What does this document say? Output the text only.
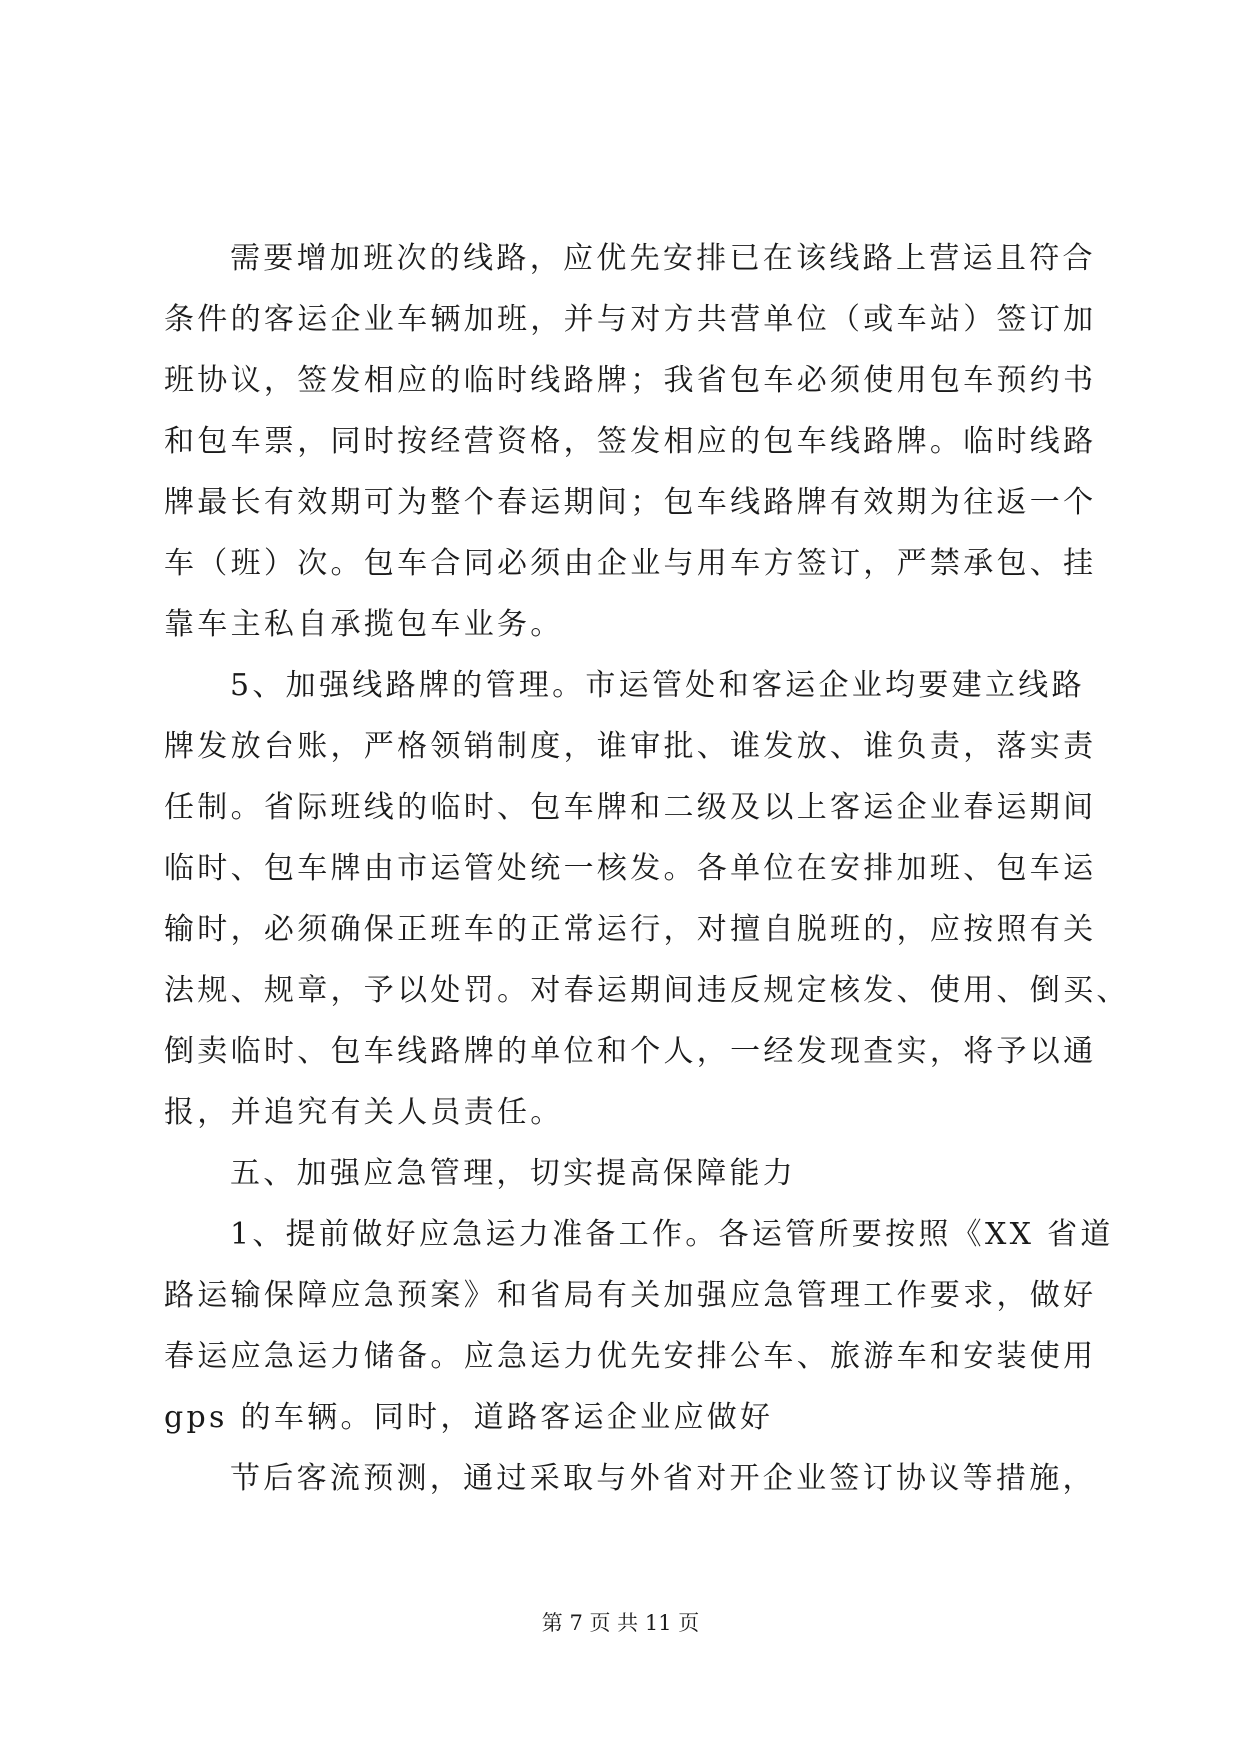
需要增加班次的线路，应优先安排已在该线路上营运且符合
条件的客运企业车辆加班，并与对方共营单位（或车站）签订加
班协议，签发相应的临时线路牌；我省包车必须使用包车预约书
和包车票，同时按经营资格，签发相应的包车线路牌。临时线路
牌最长有效期可为整个春运期间；包车线路牌有效期为往返一个
车（班）次。包车合同必须由企业与用车方签订，严禁承包、挂
靠车主私自承揽包车业务。
5、加强线路牌的管理。市运管处和客运企业均要建立线路
牌发放台账，严格领销制度，谁审批、谁发放、谁负责，落实责
任制。省际班线的临时、包车牌和二级及以上客运企业春运期间
临时、包车牌由市运管处统一核发。各单位在安排加班、包车运
输时，必须确保正班车的正常运行，对擅自脱班的，应按照有关
法规、规章，予以处罚。对春运期间违反规定核发、使用、倒买、
倒卖临时、包车线路牌的单位和个人，一经发现查实，将予以通
报，并追究有关人员责任。
五、加强应急管理，切实提高保障能力
1、提前做好应急运力准备工作。各运管所要按照《XX 省道
路运输保障应急预案》和省局有关加强应急管理工作要求，做好
春运应急运力储备。应急运力优先安排公车、旅游车和安装使用
gps 的车辆。同时，道路客运企业应做好
节后客流预测，通过采取与外省对开企业签订协议等措施，
第 7 页 共 11 页
